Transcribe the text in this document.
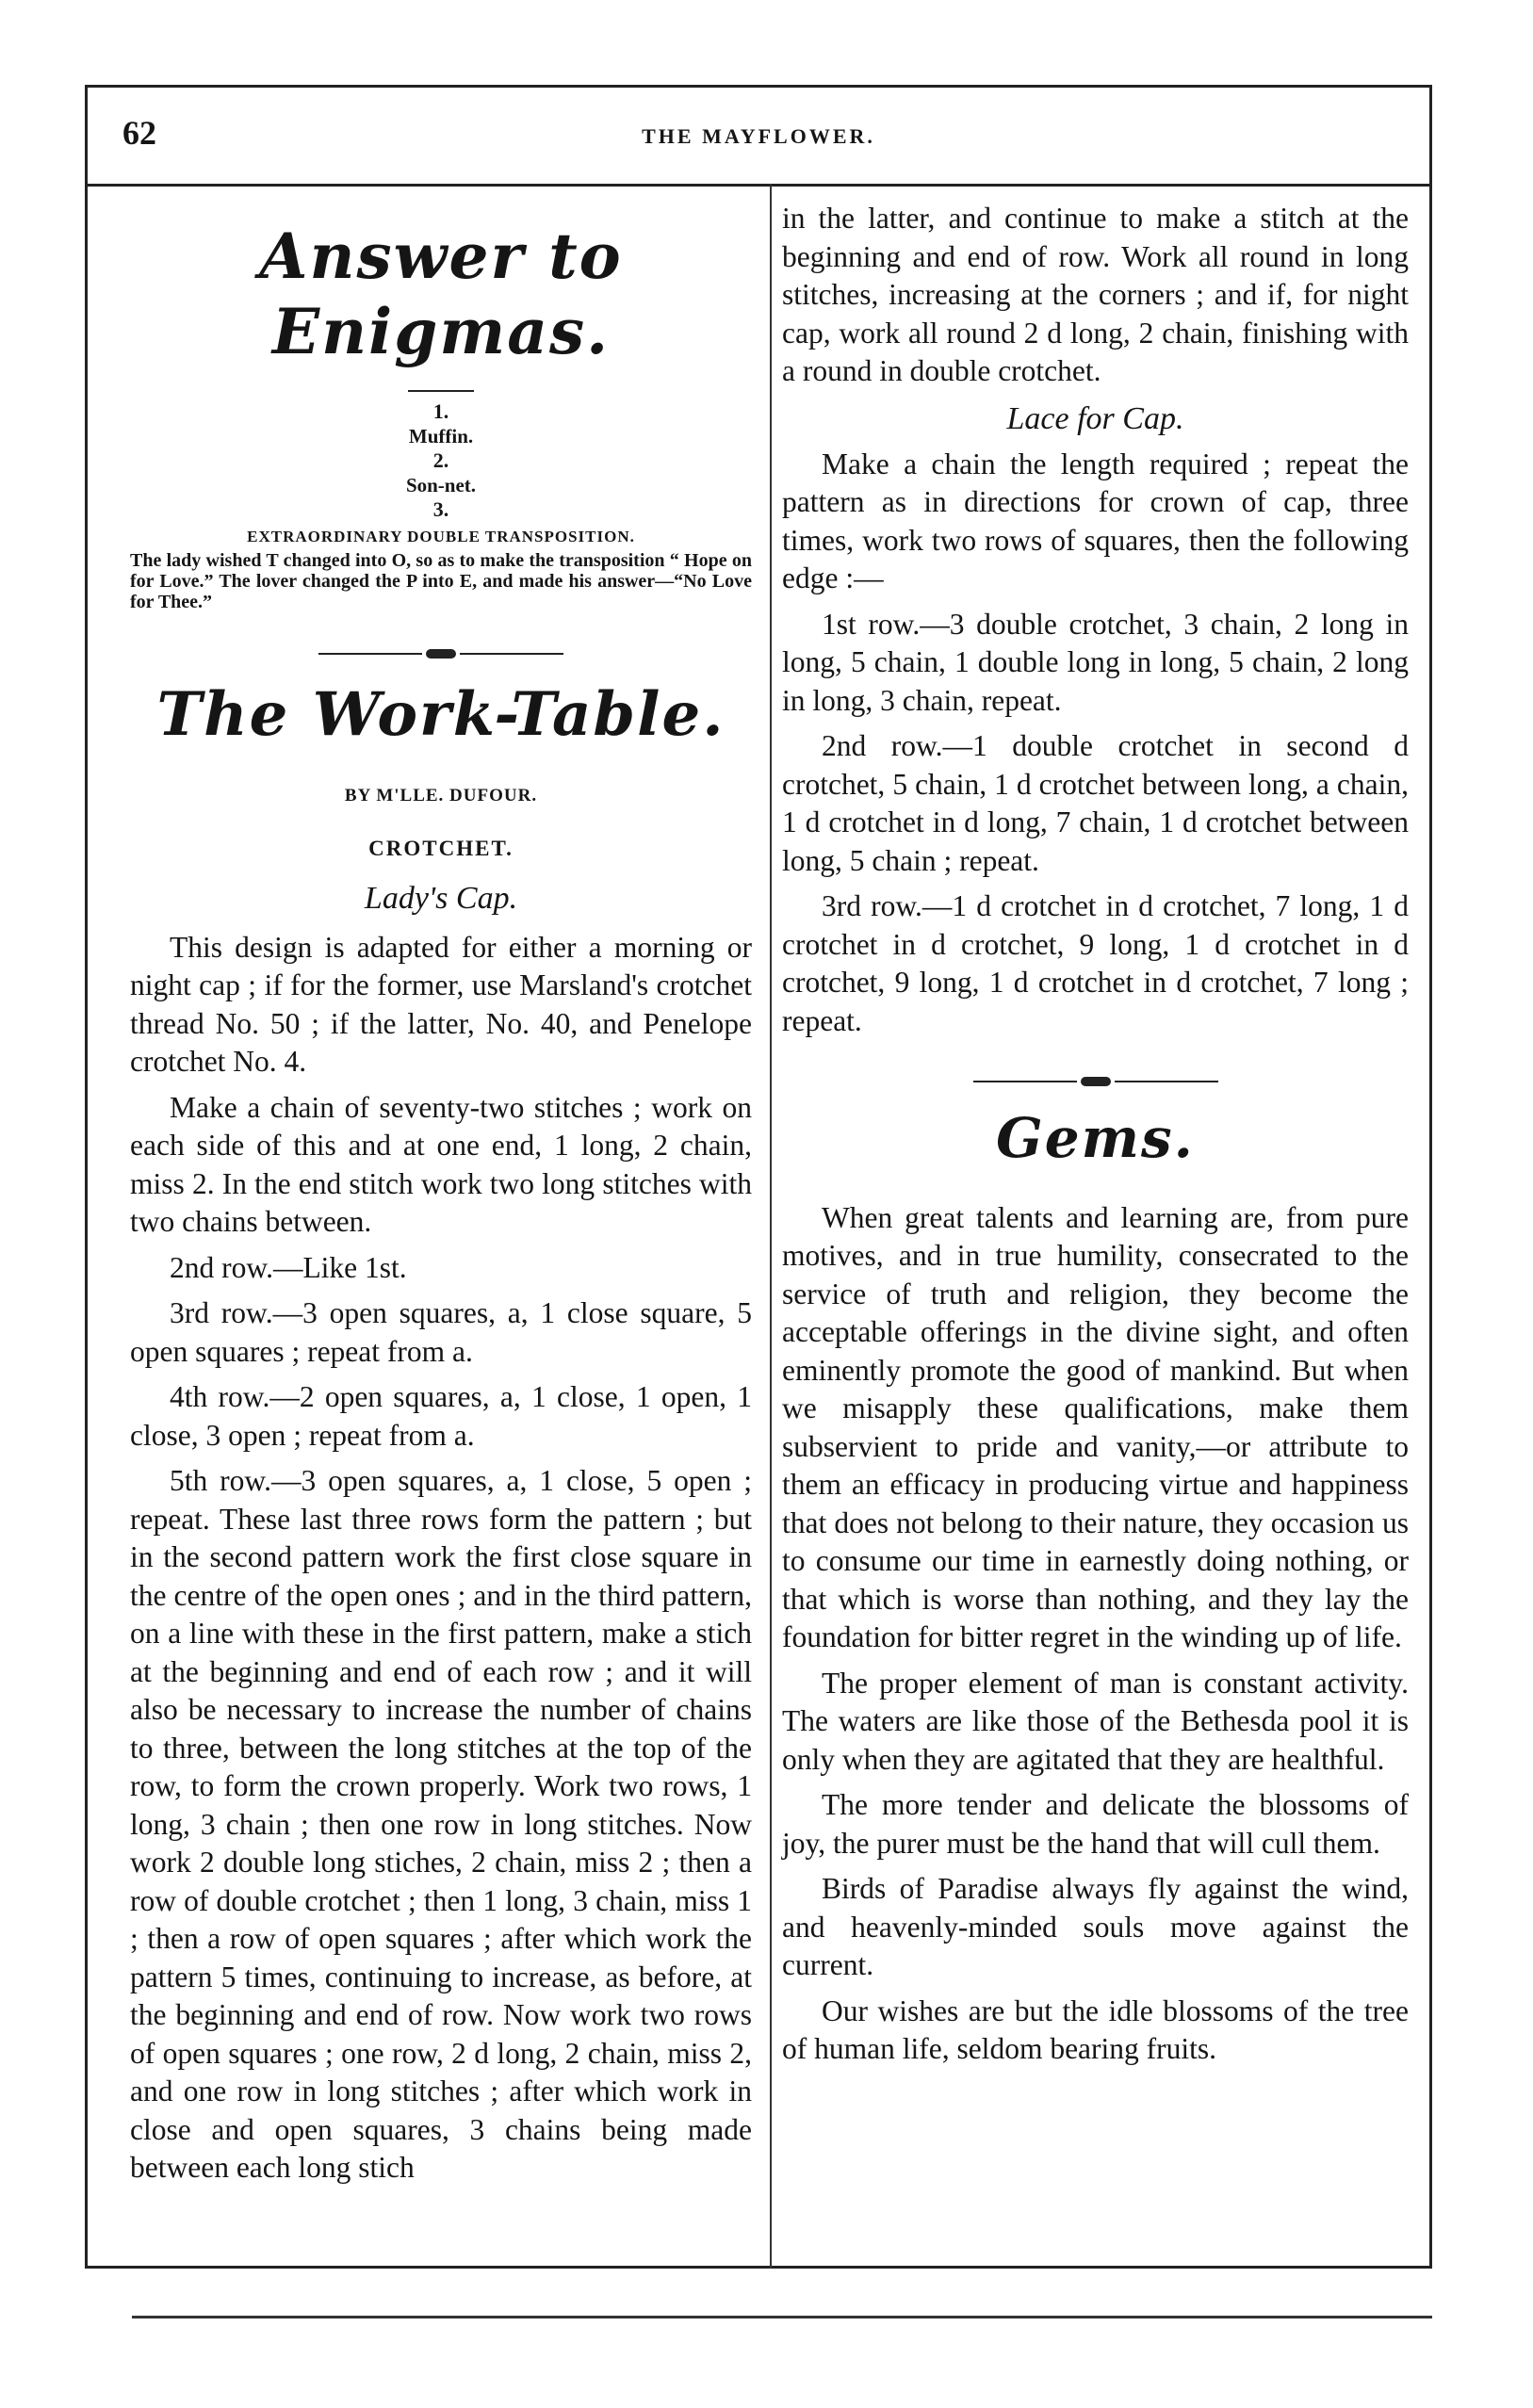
62	THE MAYFLOWER.
Answer to Enigmas.
1.
Muffin.
2.
Son-net.
3.
EXTRAORDINARY DOUBLE TRANSPOSITION.
The lady wished T changed into O, so as to make the transposition “ Hope on for Love.” The lover changed the P into E, and made his answer—“No Love for Thee.”
The Work-Table.
BY M'LLE. DUFOUR.
CROTCHET.
Lady's Cap.

This design is adapted for either a morning or night cap ; if for the former, use Marsland's crotchet thread No. 50 ; if the latter, No. 40, and Penelope crotchet No. 4.

Make a chain of seventy-two stitches ; work on each side of this and at one end, 1 long, 2 chain, miss 2. In the end stitch work two long stitches with two chains between.

2nd row.—Like 1st.

3rd row.—3 open squares, a, 1 close square, 5 open squares ; repeat from a.

4th row.—2 open squares, a, 1 close, 1 open, 1 close, 3 open ; repeat from a.

5th row.—3 open squares, a, 1 close, 5 open ; repeat. These last three rows form the pattern ; but in the second pattern work the first close square in the centre of the open ones ; and in the third pattern, on a line with these in the first pattern, make a stich at the beginning and end of each row ; and it will also be necessary to increase the number of chains to three, between the long stitches at the top of the row, to form the crown properly. Work two rows, 1 long, 3 chain ; then one row in long stitches. Now work 2 double long stiches, 2 chain, miss 2 ; then a row of double crotchet ; then 1 long, 3 chain, miss 1 ; then a row of open squares ; after which work the pattern 5 times, continuing to increase, as before, at the beginning and end of row. Now work two rows of open squares ; one row, 2 d long, 2 chain, miss 2, and one row in long stitches ; after which work in close and open squares, 3 chains being made between each long stich

in the latter, and continue to make a stitch at the beginning and end of row. Work all round in long stitches, increasing at the corners ; and if, for night cap, work all round 2 d long, 2 chain, finishing with a round in double crotchet.

Lace for Cap.

Make a chain the length required ; repeat the pattern as in directions for crown of cap, three times, work two rows of squares, then the following edge :—

1st row.—3 double crotchet, 3 chain, 2 long in long, 5 chain, 1 double long in long, 5 chain, 2 long in long, 3 chain, repeat.

2nd row.—1 double crotchet in second d crotchet, 5 chain, 1 d crotchet between long, a chain, 1 d crotchet in d long, 7 chain, 1 d crotchet between long, 5 chain ; repeat.

3rd row.—1 d crotchet in d crotchet, 7 long, 1 d crotchet in d crotchet, 9 long, 1 d crotchet in d crotchet, 9 long, 1 d crotchet in d crotchet, 7 long ; repeat.

Gems.

When great talents and learning are, from pure motives, and in true humility, consecrated to the service of truth and religion, they become the acceptable offerings in the divine sight, and often eminently promote the good of mankind. But when we misapply these qualifications, make them subservient to pride and vanity,—or attribute to them an efficacy in producing virtue and happiness that does not belong to their nature, they occasion us to consume our time in earnestly doing nothing, or that which is worse than nothing, and they lay the foundation for bitter regret in the winding up of life.

The proper element of man is constant activity. The waters are like those of the Bethesda pool it is only when they are agitated that they are healthful.

The more tender and delicate the blossoms of joy, the purer must be the hand that will cull them.

Birds of Paradise always fly against the wind, and heavenly-minded souls move against the current.

Our wishes are but the idle blossoms of the tree of human life, seldom bearing fruits.
